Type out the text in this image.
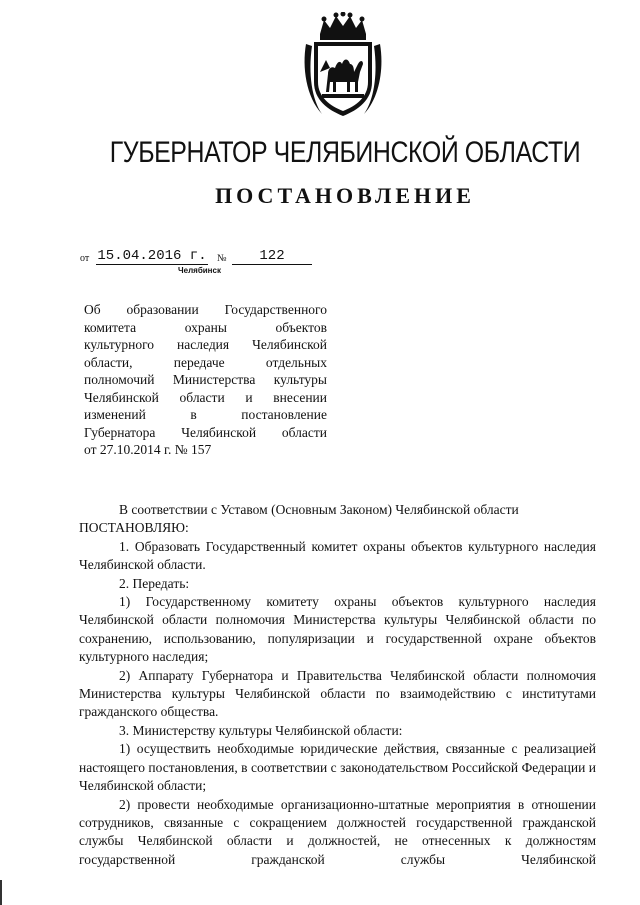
ГУБЕРНАТОР ЧЕЛЯБИНСКОЙ ОБЛАСТИ
ПОСТАНОВЛЕНИЕ
от 15.04.2016 г. №	122
Челябинск
Об образовании Государственного
комитета охраны объектов
культурного наследия Челябинской
области, передаче отдельных
полномочий Министерства культуры
Челябинской области и внесении
изменений в постановление
Губернатора Челябинской области
от 27.10.2014 г. № 157

В соответствии с Уставом (Основным Законом) Челябинской области

ПОСТАНОВЛЯЮ:

1. Образовать Государственный комитет охраны объектов культурного наследия Челябинской области.

2. Передать:

1) Государственному комитету охраны объектов культурного наследия Челябинской области полномочия Министерства культуры Челябинской области по сохранению, использованию, популяризации и государственной охране объектов культурного наследия;

2) Аппарату Губернатора и Правительства Челябинской области полномочия Министерства культуры Челябинской области по взаимодействию с институтами гражданского общества.

3. Министерству культуры Челябинской области:

1) осуществить необходимые юридические действия, связанные с реализацией настоящего постановления, в соответствии с законодательством Российской Федерации и Челябинской области;

2) провести необходимые организационно-штатные мероприятия в отношении сотрудников, связанные с сокращением должностей государственной гражданской службы Челябинской области и должностей, не отнесенных к должностям государственной гражданской службы Челябинской
